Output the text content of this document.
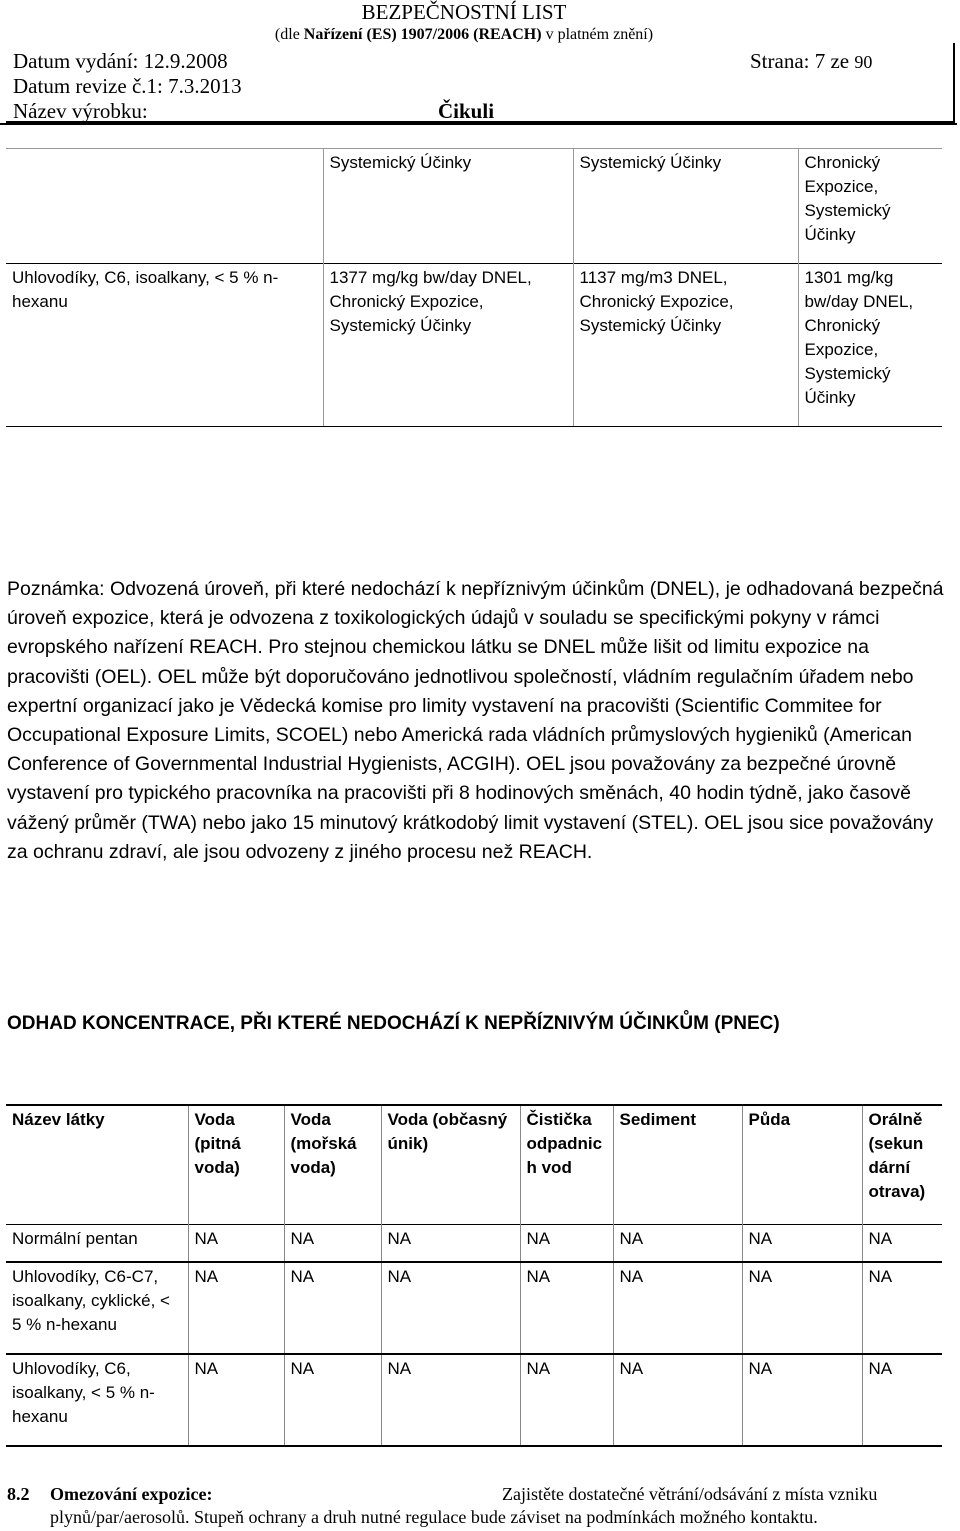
BEZPEČNOSTNÍ LIST
(dle Nařízení (ES) 1907/2006 (REACH) v platném znění)
Datum vydání: 12.9.2008	Strana: 7 ze 90
Datum revize č.1: 7.3.2013
Název výrobku:	Čikuli
	Systemický Účinky	Systemický Účinky	Chronický Expozice, Systemický Účinky
Uhlovodíky, C6, isoalkany, < 5 % n-hexanu	1377 mg/kg bw/day DNEL, Chronický Expozice, Systemický Účinky	1137 mg/m3 DNEL, Chronický Expozice, Systemický Účinky	1301 mg/kg bw/day DNEL, Chronický Expozice, Systemický Účinky
Poznámka: Odvozená úroveň, při které nedochází k nepříznivým účinkům (DNEL), je odhadovaná bezpečná úroveň expozice, která je odvozena z toxikologických údajů v souladu se specifickými pokyny v rámci evropského nařízení REACH. Pro stejnou chemickou látku se DNEL může lišit od limitu expozice na pracovišti (OEL). OEL může být doporučováno jednotlivou společností, vládním regulačním úřadem nebo expertní organizací jako je Vědecká komise pro limity vystavení na pracovišti (Scientific Commitee for Occupational Exposure Limits, SCOEL) nebo Americká rada vládních průmyslových hygieniků (American Conference of Governmental Industrial Hygienists, ACGIH). OEL jsou považovány za bezpečné úrovně vystavení pro typického pracovníka na pracovišti při 8 hodinových směnách, 40 hodin týdně, jako časově vážený průměr (TWA) nebo jako 15 minutový krátkodobý limit vystavení (STEL). OEL jsou sice považovány za ochranu zdraví, ale jsou odvozeny z jiného procesu než REACH.
ODHAD KONCENTRACE, PŘI KTERÉ NEDOCHÁZÍ K NEPŘÍZNIVÝM ÚČINKŮM (PNEC)
Název látky	Voda (pitná voda)	Voda (mořská voda)	Voda (občasný únik)	Čistička odpadnic h vod	Sediment	Půda	Orálně (sekun dární otrava)
Normální pentan	NA	NA	NA	NA	NA	NA	NA
Uhlovodíky, C6-C7, isoalkany, cyklické, < 5 % n-hexanu	NA	NA	NA	NA	NA	NA	NA
Uhlovodíky, C6, isoalkany, < 5 % n-hexanu	NA	NA	NA	NA	NA	NA	NA
8.2 Omezování expozice:	Zajistěte dostatečné větrání/odsávání z místa vzniku
plynů/par/aerosolů. Stupeň ochrany a druh nutné regulace bude záviset na podmínkách možného kontaktu.
